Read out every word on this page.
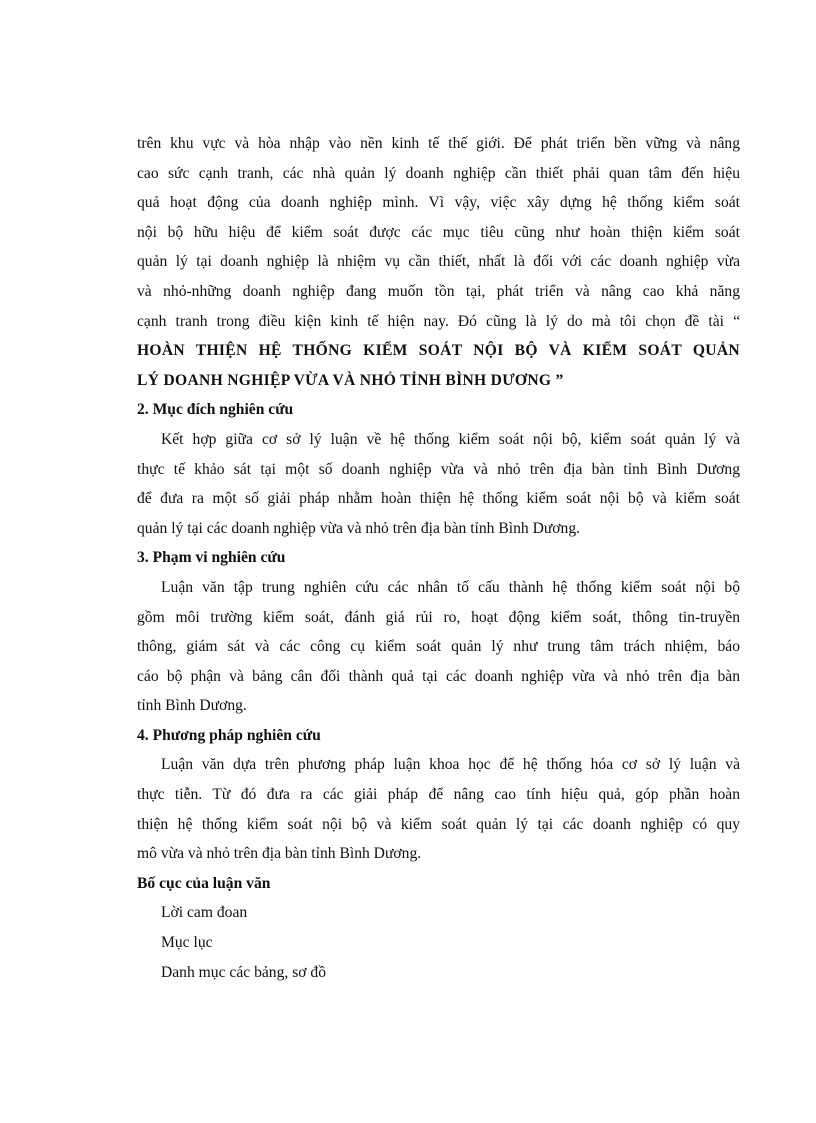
trên khu vực và hòa nhập vào nền kinh tế thế giới. Để phát triển bền vững và nâng
cao sức cạnh tranh, các nhà quản lý doanh nghiệp cần thiết phải quan tâm đến hiệu
quả hoạt động của doanh nghiệp mình. Vì vậy, việc xây dựng hệ thống kiểm soát
nội bộ hữu hiệu để kiểm soát được các mục tiêu cũng như hoàn thiện kiểm soát
quản lý tại doanh nghiệp là nhiệm vụ cần thiết, nhất là đối với các doanh nghiệp vừa
và nhỏ-những doanh nghiệp đang muốn tồn tại, phát triển và nâng cao khả năng
cạnh tranh trong điều kiện kinh tế hiện nay. Đó cũng là lý do mà tôi chọn đề tài “
HOÀN THIỆN HỆ THỐNG KIỂM SOÁT NỘI BỘ VÀ KIỂM SOÁT QUẢN
LÝ DOANH NGHIỆP VỪA VÀ NHỎ TỈNH BÌNH DƯƠNG ”
2. Mục đích nghiên cứu
Kết hợp giữa cơ sở lý luận về hệ thống kiểm soát nội bộ, kiểm soát quản lý và
thực tế khảo sát tại một số doanh nghiệp vừa và nhỏ trên địa bàn tỉnh Bình Dương
để đưa ra một số giải pháp nhằm hoàn thiện hệ thống kiểm soát nội bộ và kiểm soát
quản lý tại các doanh nghiệp vừa và nhỏ trên địa bàn tỉnh Bình Dương.
3. Phạm vi nghiên cứu
Luận văn tập trung nghiên cứu các nhân tố cấu thành hệ thống kiểm soát nội bộ
gồm môi trường kiểm soát, đánh giá rủi ro, hoạt động kiểm soát, thông tin-truyền
thông, giám sát và các công cụ kiểm soát quản lý như trung tâm trách nhiệm, báo
cáo bộ phận và bảng cân đối thành quả tại các doanh nghiệp vừa và nhỏ trên địa bàn
tỉnh Bình Dương.
4. Phương pháp nghiên cứu
Luận văn dựa trên phương pháp luận khoa học để hệ thống hóa cơ sở lý luận và
thực tiễn. Từ đó đưa ra các giải pháp để nâng cao tính hiệu quả, góp phần hoàn
thiện hệ thống kiểm soát nội bộ và kiểm soát quản lý tại các doanh nghiệp có quy
mô vừa và nhỏ trên địa bàn tỉnh Bình Dương.
Bố cục của luận văn
Lời cam đoan
Mục lục
Danh mục các bảng, sơ đồ
